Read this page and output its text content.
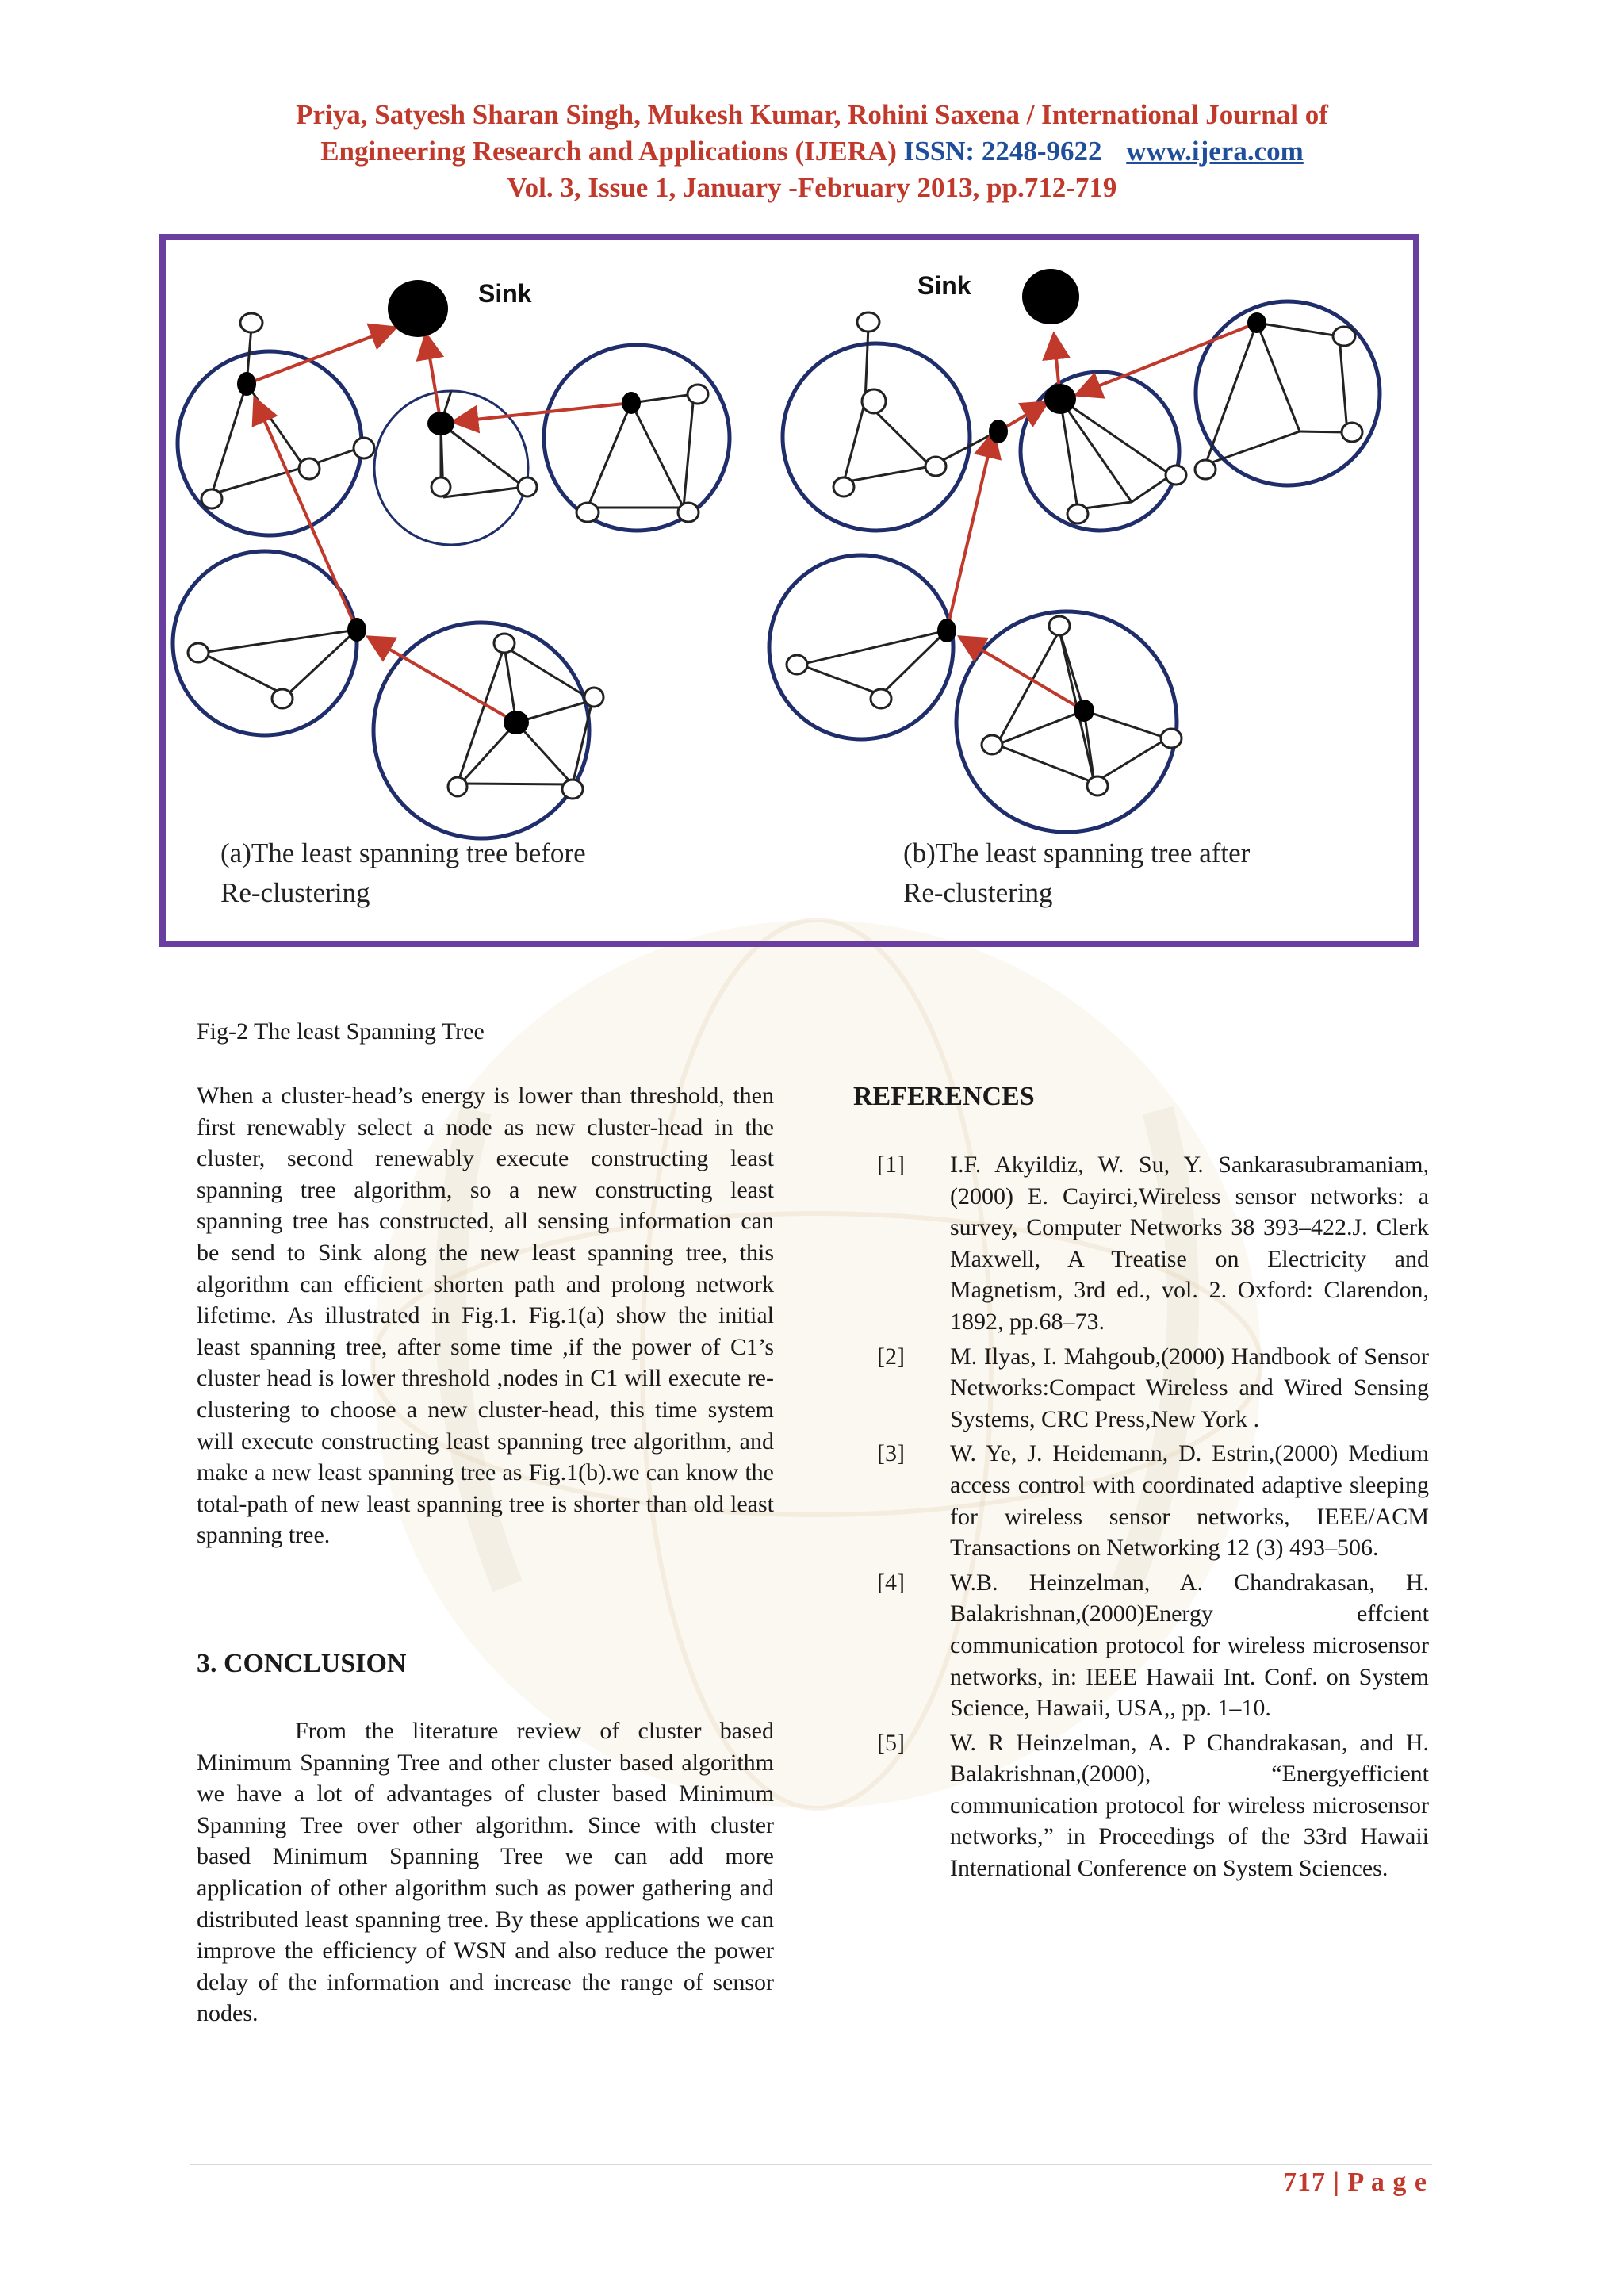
Priya, Satyesh Sharan Singh, Mukesh Kumar, Rohini Saxena / International Journal of
Engineering Research and Applications (IJERA) ISSN: 2248-9622 www.ijera.com
Vol. 3, Issue 1, January -February 2013, pp.712-719
Sink	Sink
(a)The least spanning tree before
Re-clustering
(b)The least spanning tree after
Re-clustering
Fig-2 The least Spanning Tree

When a cluster-head’s energy is lower than threshold, then first renewably select a node as new cluster-head in the cluster, second renewably execute constructing least spanning tree algorithm, so a new constructing least spanning tree has constructed, all sensing information can be send to Sink along the new least spanning tree, this algorithm can efficient shorten path and prolong network lifetime. As illustrated in Fig.1. Fig.1(a) show the initial least spanning tree, after some time ,if the power of C1’s cluster head is lower threshold ,nodes in C1 will execute re-clustering to choose a new cluster-head, this time system will execute constructing least spanning tree algorithm, and make a new least spanning tree as Fig.1(b).we can know the total-path of new least spanning tree is shorter than old least spanning tree.

3. CONCLUSION

From the literature review of cluster based Minimum Spanning Tree and other cluster based algorithm we have a lot of advantages of cluster based Minimum Spanning Tree over other algorithm. Since with cluster based Minimum Spanning Tree we can add more application of other algorithm such as power gathering and distributed least spanning tree. By these applications we can improve the efficiency of WSN and also reduce the power delay of the information and increase the range of sensor nodes.

REFERENCES
[1]	I.F. Akyildiz, W. Su, Y. Sankarasubramaniam,(2000) E. Cayirci,Wireless sensor networks: a survey, Computer Networks 38 393–422.J. Clerk Maxwell, A Treatise on Electricity and Magnetism, 3rd ed., vol. 2. Oxford: Clarendon, 1892, pp.68–73.
[2]	M. Ilyas, I. Mahgoub,(2000) Handbook of Sensor Networks:Compact Wireless and Wired Sensing Systems, CRC Press,New York .
[3]	W. Ye, J. Heidemann, D. Estrin,(2000) Medium access control with coordinated adaptive sleeping for wireless sensor networks, IEEE/ACM Transactions on Networking 12 (3) 493–506.
[4]	W.B. Heinzelman, A. Chandrakasan, H. Balakrishnan,(2000)Energy effcient communication protocol for wireless microsensor networks, in: IEEE Hawaii Int. Conf. on System Science, Hawaii, USA,, pp. 1–10.
[5]	W. R Heinzelman, A. P Chandrakasan, and H. Balakrishnan,(2000), “Energyefficient communication protocol for wireless microsensor networks,” in Proceedings of the 33rd Hawaii International Conference on System Sciences.
717 | P a g e
